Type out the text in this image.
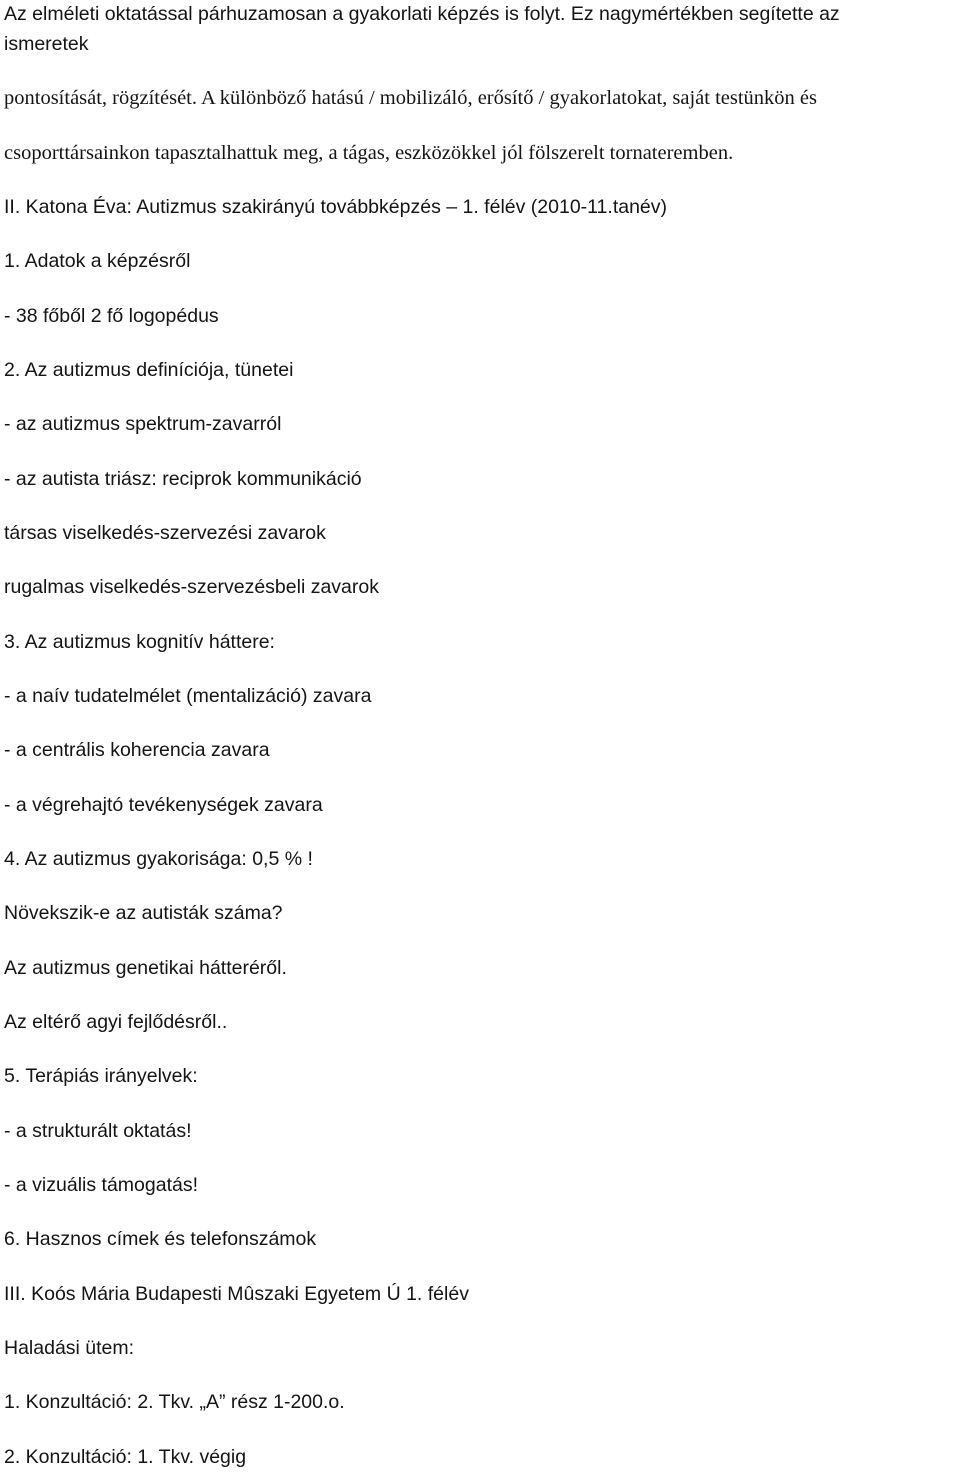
Az elméleti oktatással párhuzamosan a gyakorlati képzés is folyt. Ez nagymértékben segítette az

ismeretek

pontosítását, rögzítését. A különböző hatású / mobilizáló, erősítő / gyakorlatokat, saját testünkön és

csoporttársainkon tapasztalhattuk meg, a tágas, eszközökkel jól fölszerelt tornateremben.

II. Katona Éva: Autizmus szakirányú továbbképzés – 1. félév (2010-11.tanév)

1. Adatok a képzésről

- 38 főből 2 fő logopédus

2. Az autizmus definíciója, tünetei

- az autizmus spektrum-zavarról

- az autista triász: reciprok kommunikáció

társas viselkedés-szervezési zavarok

rugalmas viselkedés-szervezésbeli zavarok

3. Az autizmus kognitív háttere:

- a naív tudatelmélet (mentalizáció) zavara

- a centrális koherencia zavara

- a végrehajtó tevékenységek zavara

4. Az autizmus gyakorisága: 0,5 % !

Növekszik-e az autisták száma?

Az autizmus genetikai hátteréről.

Az eltérő agyi fejlődésről..

5. Terápiás irányelvek:

- a strukturált oktatás!

- a vizuális támogatás!

6. Hasznos címek és telefonszámok

III. Koós Mária Budapesti Mûszaki Egyetem Ú 1. félév

Haladási ütem:

1. Konzultáció: 2. Tkv. „A” rész 1-200.o.

2. Konzultáció: 1. Tkv. végig
